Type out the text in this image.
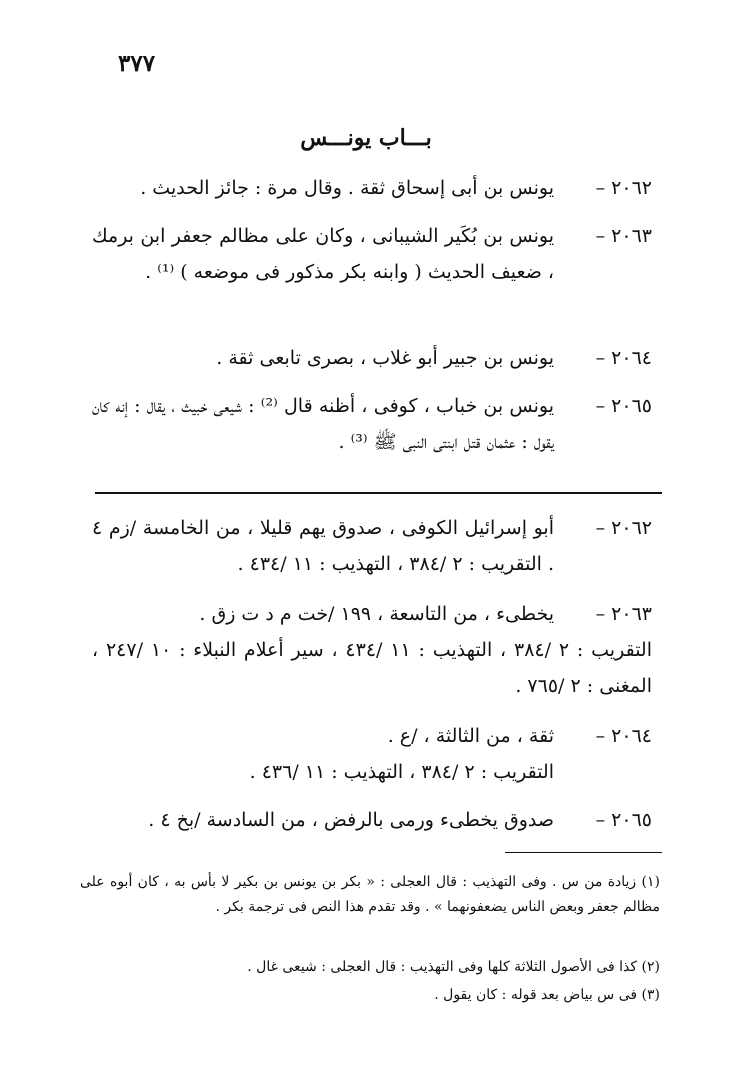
٣٧٧
بـــاب يونـــس
٢٠٦٢ –
يونس بن أبى إسحاق ثقة . وقال مرة : جائز الحديث .
٢٠٦٣ –
يونس بن بُكَير الشيبانى ، وكان على مظالم جعفر ابن برمك ، ضعيف الحديث ( وابنه بكر مذكور فى موضعه ) ⁽¹⁾ .
٢٠٦٤ –
يونس بن جبير أبو غلاب ، بصرى تابعى ثقة .
٢٠٦٥ –
يونس بن خباب ، كوفى ، أظنه قال ⁽²⁾ : شيعى خبيث ، يقال : إنه كان يقول : عثمان قتل ابنتى النبى ﷺ ⁽³⁾ .
٢٠٦٢ –
أبو إسرائيل الكوفى ، صدوق يهم قليلا ، من الخامسة /زم ٤ . التقريب : ٢ /٣٨٤ ، التهذيب : ١١ /٤٣٤ .
٢٠٦٣ –
يخطىء ، من التاسعة ، ١٩٩ /خت م د ت زق .
التقريب : ٢ /٣٨٤ ، التهذيب : ١١ /٤٣٤ ، سير أعلام النبلاء : ١٠ /٢٤٧ ، المغنى : ٢ /٧٦٥ .
٢٠٦٤ –
ثقة ، من الثالثة ، /ع .
التقريب : ٢ /٣٨٤ ، التهذيب : ١١ /٤٣٦ .
٢٠٦٥ –
صدوق يخطىء ورمى بالرفض ، من السادسة /بخ ٤ .
(١) زيادة من س . وفى التهذيب : قال العجلى : « بكر بن يونس بن بكير لا بأس به ، كان أبوه على مظالم جعفر وبعض الناس يضعفونهما » . وقد تقدم هذا النص فى ترجمة بكر .
(٢) كذا فى الأصول الثلاثة كلها وفى التهذيب : قال العجلى : شيعى غال .
(٣) فى س بياض بعد قوله : كان يقول .
